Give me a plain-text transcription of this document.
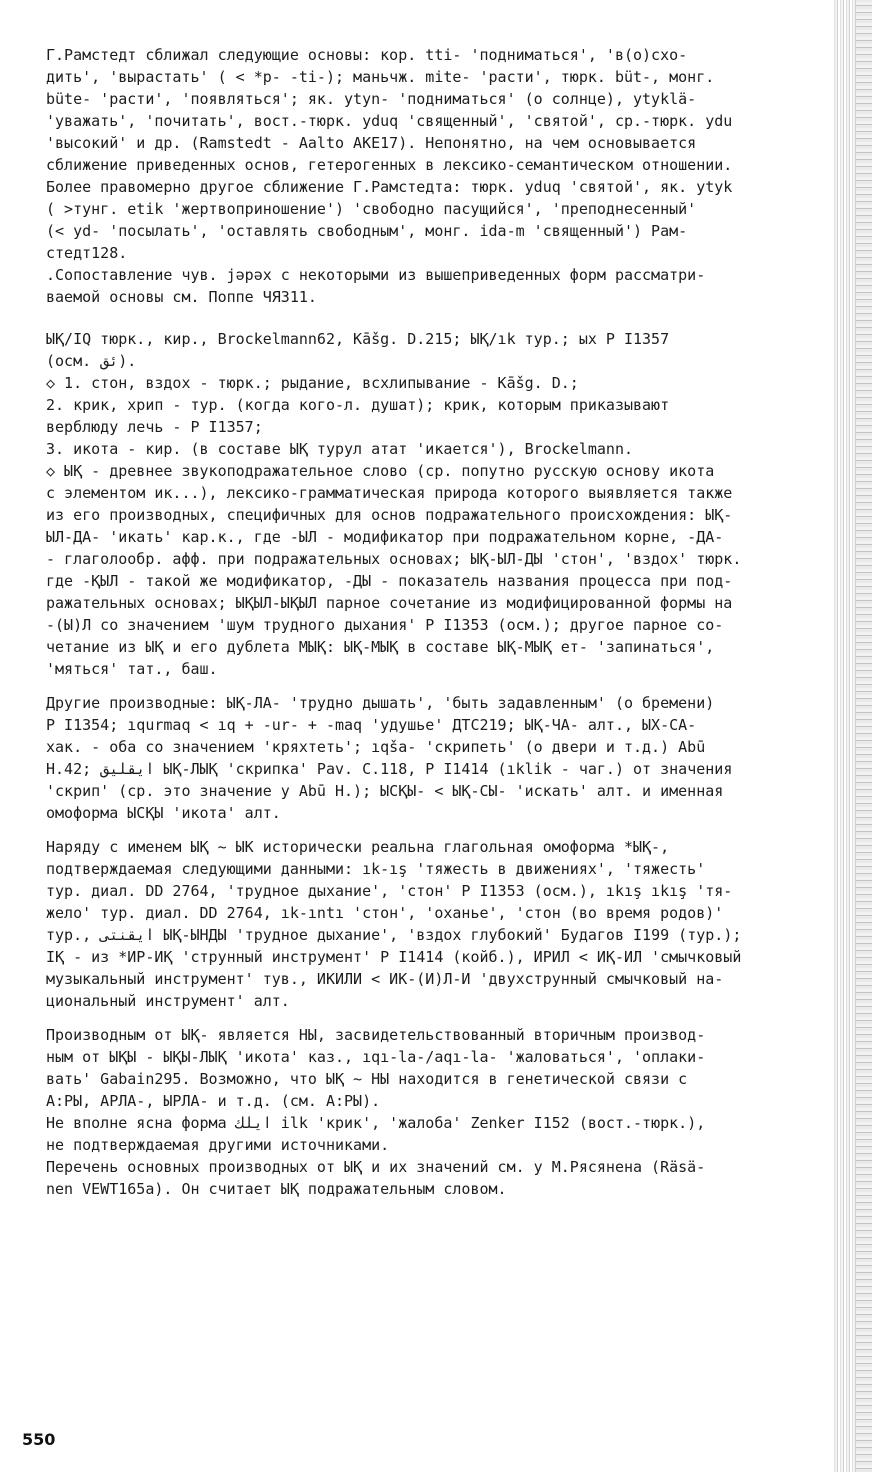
Г.Рамстедт сближал следующие основы: кор. tti- 'подниматься', 'в(о)схо-
дить', 'вырастать' ( < *p- -ti-); маньчж. mite- 'расти', тюрк. büt-, монг.
büte- 'расти', 'появляться'; як. ytyn- 'подниматься' (о солнце), ytyklä-
'уважать', 'почитать', вост.-тюрк. yduq 'священный', 'святой', ср.-тюрк. уdu
'высокий' и др. (Ramstedt - Aalto AKE17). Непонятно, на чем основывается
сближение приведенных основ, гетерогенных в лексико-семантическом отношении.
Более правомерно другое сближение Г.Рамстедта: тюрк. yduq 'святой', як. ytyk
( >тунг. etik 'жертвоприношение') 'свободно пасущийся', 'преподнесенный'
(< yd- 'посылать', 'оставлять свободным', монг. ida-m 'священный') Рам-
стедт128.
.Сопоставление чув. jəpəx с некоторыми из вышеприведенных форм рассматри-
ваемой основы см. Поппе ЧЯ311.
ЫҚ/IQ тюрк., кир., Brockelmann62, Kāšg. D.215; ЫҚ/ık тур.; ых P I1357
(осм. ئق).
◇ 1. стон, вздох - тюрк.; рыдание, всхлипывание - Kāšg. D.;
2. крик, хрип - тур. (когда кого-л. душат); крик, которым приказывают
верблюду лечь - P I1357;
3. икота - кир. (в составе ЫҚ турул атат 'икается'), Brockelmann.
◇ ЫҚ - древнее звукоподражательное слово (ср. попутно русскую основу икота
с элементом ик...), лексико-грамматическая природа которого выявляется также
из его производных, специфичных для основ подражательного происхождения: ЫҚ-
ЫЛ-ДА- 'икать' кар.к., где -ЫЛ - модификатор при подражательном корне, -ДА-
- глаголообр. афф. при подражательных основах; ЫҚ-ЫЛ-ДЫ 'стон', 'вздох' тюрк.
где -ҚЫЛ - такой же модификатор, -ДЫ - показатель названия процесса при под-
ражательных основах; ЫҚЫЛ-ЫҚЫЛ парное сочетание из модифицированной формы на
-(Ы)Л со значением 'шум трудного дыхания' P I1353 (осм.); другое парное со-
четание из ЫҚ и его дублета МЫҚ: ЫҚ-МЫҚ в составе ЫҚ-МЫҚ ет- 'запинаться',
'мяться' тат., баш.
Другие производные: ЫҚ-ЛА- 'трудно дышать', 'быть задавленным' (о бремени)
P I1354; ıqurmaq < ıq + -ur- + -maq 'удушье' ДТС219; ЫҚ-ЧА- алт., ЫХ-СА-
хак. - оба со значением 'кряхтеть'; ıqša- 'скрипеть' (о двери и т.д.) Abū
H.42; ايقليق ЫҚ-ЛЫҚ 'скрипка' Pav. C.118, P I1414 (ıklik - чаг.) от значения
'скрип' (ср. это значение у Abū H.); ЫСҚЫ- < ЫҚ-СЫ- 'искать' алт. и именная
омоформа ЫСҚЫ 'икота' алт.
Наряду с именем ЫҚ ~ ЫК исторически реальна глагольная омоформа *ЫҚ-,
подтверждаемая следующими данными: ık-ış 'тяжесть в движениях', 'тяжесть'
тур. диал. DD 2764, 'трудное дыхание', 'стон' P I1353 (осм.), ıkış ıkış 'тя-
жело' тур. диал. DD 2764, ık-ıntı 'стон', 'оханье', 'стон (во время родов)'
тур., ايقنتى ЫҚ-ЫНДЫ 'трудное дыхание', 'вздох глубокий' Будагов I199 (тур.);
IҚ - из *ИР-ИҚ 'струнный инструмент' P I1414 (койб.), ИРИЛ < ИҚ-ИЛ 'смычковый
музыкальный инструмент' тув., ИКИЛИ < ИК-(И)Л-И 'двухструнный смычковый на-
циональный инструмент' алт.
Производным от ЫҚ- является НЫ, засвидетельствованный вторичным производ-
ным от ЫҚЫ - ЫҚЫ-ЛЫҚ 'икота' каз., ıqı-la-/aqı-la- 'жаловаться', 'оплаки-
вать' Gabain295. Возможно, что ЫҚ ~ НЫ находится в генетической связи с
А:РЫ, АРЛА-, ЫРЛА- и т.д. (см. А:РЫ).
Не вполне ясна форма ايلك ilk 'крик', 'жалоба' Zenker I152 (вост.-тюрк.),
не подтверждаемая другими источниками.
Перечень основных производных от ЫҚ и их значений см. у М.Рясянена (Räsä-
nen VEWT165a). Он считает ЫҚ подражательным словом.
550
